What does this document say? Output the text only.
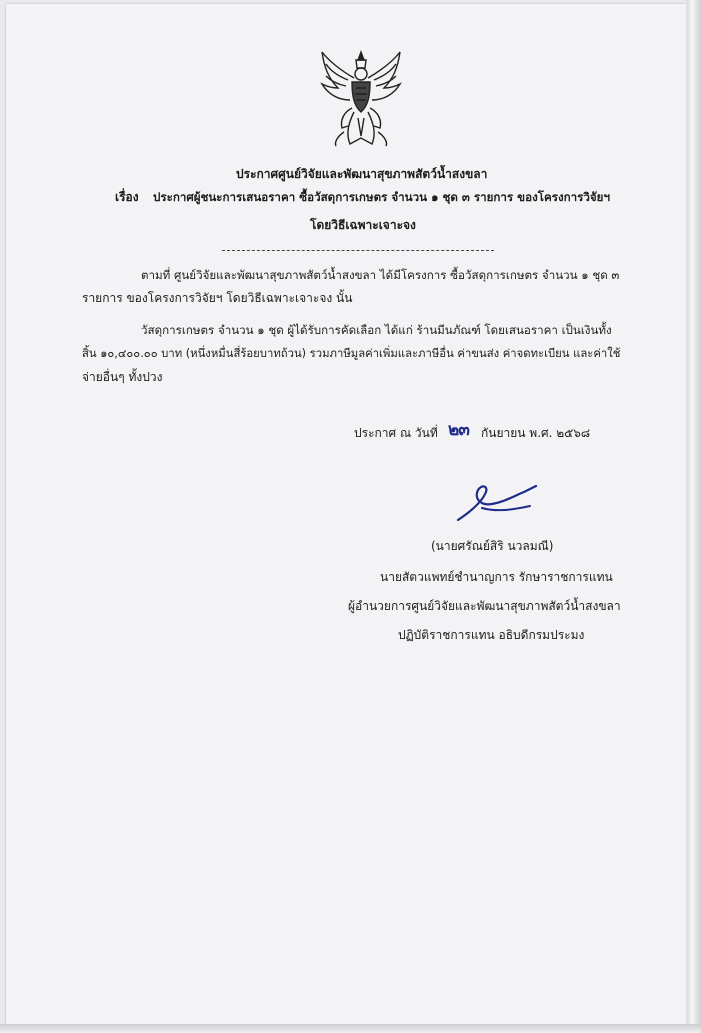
ประกาศศูนย์วิจัยและพัฒนาสุขภาพสัตว์น้ำสงขลา
เรื่อง ประกาศผู้ชนะการเสนอราคา ซื้อวัสดุการเกษตร จำนวน ๑ ชุด ๓ รายการ ของโครงการวิจัยฯ
โดยวิธีเฉพาะเจาะจง
ตามที่ ศูนย์วิจัยและพัฒนาสุขภาพสัตว์น้ำสงขลา ได้มีโครงการ ซื้อวัสดุการเกษตร จำนวน ๑ ชุด ๓
รายการ ของโครงการวิจัยฯ โดยวิธีเฉพาะเจาะจง นั้น
วัสดุการเกษตร จำนวน ๑ ชุด ผู้ได้รับการคัดเลือก ได้แก่ ร้านมีนภัณฑ์ โดยเสนอราคา เป็นเงินทั้ง
สิ้น ๑๐,๔๐๐.๐๐ บาท (หนึ่งหมื่นสี่ร้อยบาทถ้วน) รวมภาษีมูลค่าเพิ่มและภาษีอื่น ค่าขนส่ง ค่าจดทะเบียน และค่าใช้
จ่ายอื่นๆ ทั้งปวง
ประกาศ ณ วันที่ ๒๓ กันยายน พ.ศ. ๒๕๖๘
(นายศรัณย์สิริ นวลมณี)
นายสัตวแพทย์ชำนาญการ รักษาราชการแทน
ผู้อำนวยการศูนย์วิจัยและพัฒนาสุขภาพสัตว์น้ำสงขลา
ปฏิบัติราชการแทน อธิบดีกรมประมง
